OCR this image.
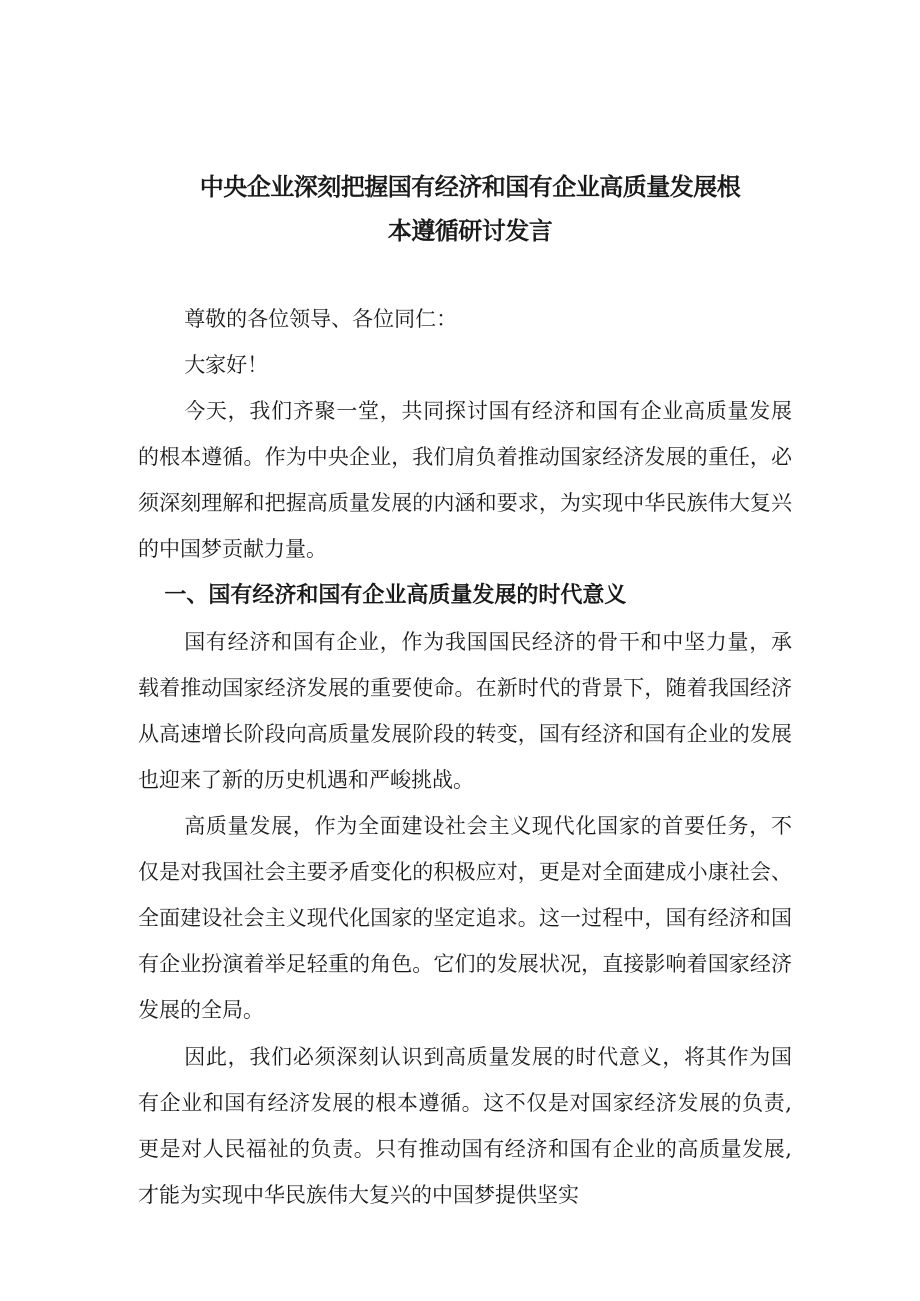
中央企业深刻把握国有经济和国有企业高质量发展根
本遵循研讨发言

尊敬的各位领导、各位同仁：

大家好！

今天，我们齐聚一堂，共同探讨国有经济和国有企业高质量发展的根本遵循。作为中央企业，我们肩负着推动国家经济发展的重任，必须深刻理解和把握高质量发展的内涵和要求，为实现中华民族伟大复兴的中国梦贡献力量。

一、国有经济和国有企业高质量发展的时代意义

国有经济和国有企业，作为我国国民经济的骨干和中坚力量，承载着推动国家经济发展的重要使命。在新时代的背景下，随着我国经济从高速增长阶段向高质量发展阶段的转变，国有经济和国有企业的发展也迎来了新的历史机遇和严峻挑战。

高质量发展，作为全面建设社会主义现代化国家的首要任务，不仅是对我国社会主要矛盾变化的积极应对，更是对全面建成小康社会、全面建设社会主义现代化国家的坚定追求。这一过程中，国有经济和国有企业扮演着举足轻重的角色。它们的发展状况，直接影响着国家经济发展的全局。

因此，我们必须深刻认识到高质量发展的时代意义，将其作为国有企业和国有经济发展的根本遵循。这不仅是对国家经济发展的负责,更是对人民福祉的负责。只有推动国有经济和国有企业的高质量发展,才能为实现中华民族伟大复兴的中国梦提供坚实
